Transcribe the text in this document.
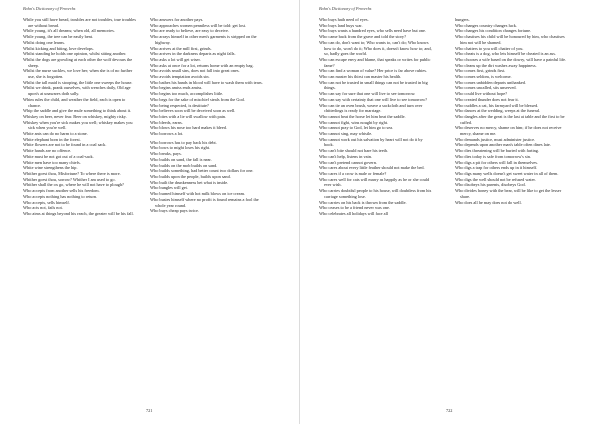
Bohn's Dictionary of Proverbs

While you still have bread, troubles are not troubles, true troubles are without bread.

While young, it's all dreams; when old, all memories.

While young, the tree can be easily bent.

Whilst doing one learns.

Whilst kicking and biting, love develops.

Whilst standing he holds one opinion, whilst sitting another.

Whilst the dogs are growling at each other the wolf devours the sheep.

Whilst the nurse suckles, we love her; when she is of no further use, she is forgotten.

Whilst the tall maid is stooping, the little one sweeps the house.

Whilst we drink, prank ourselves, with wenches daily, Old age upon's at unawares doth sally.

Whim rules the child, and weather the field, each is open to chance.

Whip the saddle and give the mule something to think about it.

Whiskey on beer, never fear. Beer on whiskey, mighty risky.

Whiskey when you're sick makes you well; whiskey makes you sick when you're well.

White ants can do no harm to a stone.

White elephant born in the forest.

White flowers are not to be found in a coal sack.

White hands are no offence.

White must be not got out of a coal-sack.

White men have too many chiefs.

White wine strengthens the hip.

Whither goest thou, Misfortune? To where there is more.

Whither goest thou, sorrow? Whither I am used to go.

Whither shall the ox go, where he will not have to plough?

Who accepts from another sells his freedom.

Who accepts nothing has nothing to return.

Who accepts, sells himself.

Who acts not, fails not.

Who aims at things beyond his reach, the greater will be his fall.

Who answers for another pays.

Who approaches women penniless will be told: get lost.

Who are ready to believe, are easy to deceive.

Who arrays himself in other men's garments is stripped on the highway.

Who arrives at the mill first, grinds.

Who arrives in the darkness departs as night falls.

Who asks a lot will get wiser.

Who asks at once for a lot, returns home with an empty bag.

Who avoids small sins, does not fall into great ones.

Who avoids temptation avoids sin.

Who bathes his hands in blood will have to wash them with tears.

Who begins amiss ends amiss.

Who begins too much, accomplishes little.

Who begs for the sake of mischief steals from the God.

Who being respected, is destitute?

Who believes soon will be deceived soon as well.

Who bites with a lie will swallow with pain.

Who bleeds, earns.

Who blows his nose too hard makes it bleed.

Who borrows a lot.

Who borrows has to pay back his debt.

Who bows to might loses his right.

Who breaks, pays.

Who builds on sand, the fall is near.

Who builds on the mob builds on sand.

Who builds something, had better count two dollars for one.

Who builds upon the people, builds upon sand.

Who built the drunkenness bet what is inside.

Who bungles will get.

Who burned himself with hot milk blows on ice cream.

Who busies himself where no profit is found remains a fool the whole year round.

Who buys cheap pays twice.

721
Bohn's Dictionary of Proverbs

Who buys hath need of eyes.

Who buys land buys war.

Who buys wants a hundred eyes, who sells need have but one.

Who came back from the grave and told the story?

Who can do, don't want to; Who wants to, can't do; Who knows how to do, won't do it; Who does it, doesn't know how to; and, so, badly goes the world.

Who can escape envy and blame, that speaks or writes for public fame?

Who can find a woman of value? Her price is far above rubies.

Who can master his thirst can master his health.

Who can not be trusted in small things can not be trusted in big things.

Who can say for sure that one will live to see tomorrow.

Who can say with certainty that one will live to see tomorrow?

Who can tie an oven brush, weave a sackcloth and turn over chitterlings is ready for marriage.

Who cannot beat the horse let him beat the saddle.

Who cannot fight, wins nought by right.

Who cannot pray to God, let him go to sea.

Who cannot sing, may whistle.

Who cannot work out his salvation by heart will not do it by book.

Who can't bite should not bare his teeth.

Who can't help, listens in vain.

Who can't pretend cannot govern.

Who cares about every little feather should not make the bed.

Who cares if a crow is male or female?

Who cares well for cats will marry as happily as he or she could ever wish.

Who carries doubtful people to his house, will doubtless from his carriage something lose.

Who carries on his back is thrown from the saddle.

Who ceases to be a friend never was one.

Who celebrates all holidays will face all

hungers.

Who changes country changes luck.

Who changes his condition changes fortune.

Who chastises his child will be honoured by him, who chastises him not will be shamed.

Who chatters to you will chatter of you.

Who cheats is a dog, who lets himself be cheated is an ass.

Who chooses a wife based on the dowry, will have a painful life.

Who cleans up the dirt washes away happiness.

Who comes first, grinds first.

Who comes seldom, is welcome.

Who comes unbidden departs unthanked.

Who comes uncalled, sits unserved.

Who could live without hope?

Who created thunder does not fear it.

Who cuddles a cat, his farmyard will be blessed.

Who dances at the wedding, weeps at the funeral.

Who dangles after the great is the last at table and the first to be cuffed.

Who deserves no mercy, shame on him; if he does not receive mercy, shame on me.

Who demands justice, must administer justice.

Who depends upon another man's table often dines late.

Who dies threatening will be buried with farting.

Who dies today is safe from tomorrow's sin.

Who digs a pit for others will fall in themselves.

Who digs a trap for others ends up in it himself.

Who digs many wells doesn't get sweet water in all of them.

Who digs the well should not be refused water.

Who disobeys his parents, disobeys God.

Who divides honey with the bear, will be like to get the lesser share.

Who does all he may does not do well.

722
